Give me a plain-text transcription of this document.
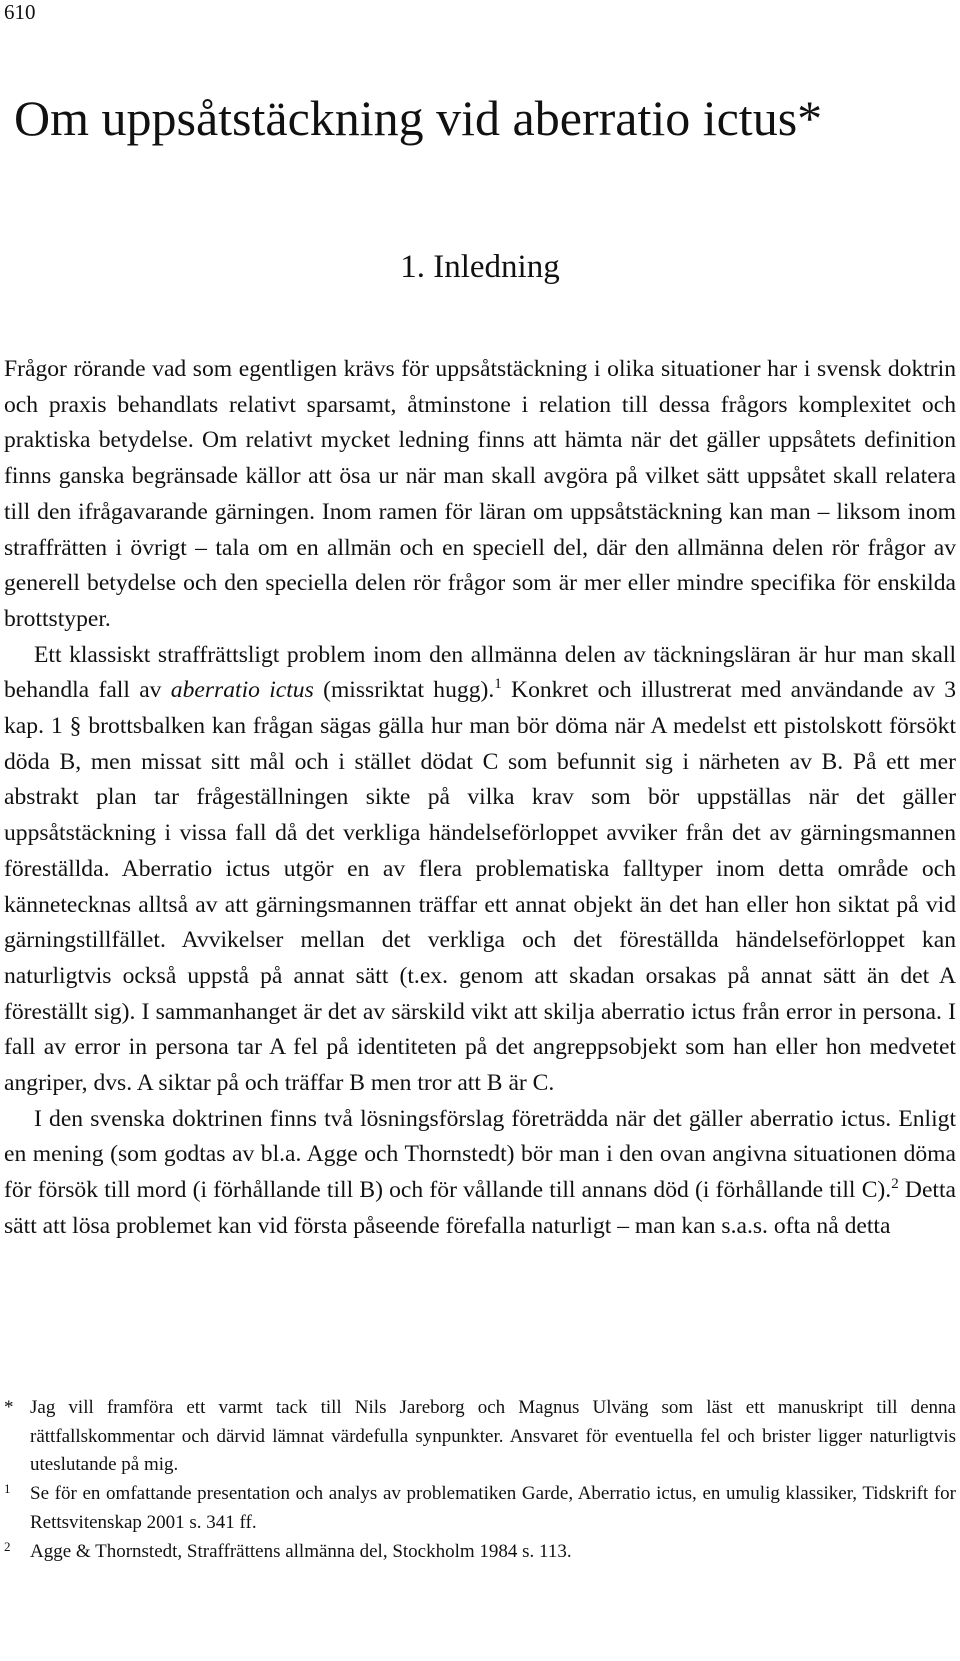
610
Om uppsåtstäckning vid aberratio ictus*
1. Inledning

Frågor rörande vad som egentligen krävs för uppsåtstäckning i olika situationer har i svensk doktrin och praxis behandlats relativt sparsamt, åtminstone i relation till dessa frågors komplexitet och praktiska betydelse. Om relativt mycket ledning finns att hämta när det gäller uppsåtets definition finns ganska begränsade källor att ösa ur när man skall avgöra på vilket sätt uppsåtet skall relatera till den ifrågavarande gärningen. Inom ramen för läran om uppsåtstäckning kan man – liksom inom straffrätten i övrigt – tala om en allmän och en speciell del, där den allmänna delen rör frågor av generell betydelse och den speciella delen rör frågor som är mer eller mindre specifika för enskilda brottstyper.

Ett klassiskt straffrättsligt problem inom den allmänna delen av täckningsläran är hur man skall behandla fall av aberratio ictus (missriktat hugg).$^1$ Konkret och illustrerat med användande av 3 kap. 1 § brottsbalken kan frågan sägas gälla hur man bör döma när A medelst ett pistolskott försökt döda B, men missat sitt mål och i stället dödat C som befunnit sig i närheten av B. På ett mer abstrakt plan tar frågeställningen sikte på vilka krav som bör uppställas när det gäller uppsåtstäckning i vissa fall då det verkliga händelseförloppet avviker från det av gärningsmannen föreställda. Aberratio ictus utgör en av flera problematiska falltyper inom detta område och kännetecknas alltså av att gärningsmannen träffar ett annat objekt än det han eller hon siktat på vid gärningstillfället. Avvikelser mellan det verkliga och det föreställda händelseförloppet kan naturligtvis också uppstå på annat sätt (t.ex. genom att skadan orsakas på annat sätt än det A föreställt sig). I sammanhanget är det av särskild vikt att skilja aberratio ictus från error in persona. I fall av error in persona tar A fel på identiteten på det angreppsobjekt som han eller hon medvetet angriper, dvs. A siktar på och träffar B men tror att B är C.

I den svenska doktrinen finns två lösningsförslag företrädda när det gäller aberratio ictus. Enligt en mening (som godtas av bl.a. Agge och Thornstedt) bör man i den ovan angivna situationen döma för försök till mord (i förhållande till B) och för vållande till annans död (i förhållande till C).$^2$ Detta sätt att lösa problemet kan vid första påseende förefalla naturligt – man kan s.a.s. ofta nå detta

* Jag vill framföra ett varmt tack till Nils Jareborg och Magnus Ulväng som läst ett manuskript till denna rättfallskommentar och därvid lämnat värdefulla synpunkter. Ansvaret för eventuella fel och brister ligger naturligtvis uteslutande på mig.
1 Se för en omfattande presentation och analys av problematiken Garde, Aberratio ictus, en umulig klassiker, Tidskrift for Rettsvitenskap 2001 s. 341 ff.
2 Agge & Thornstedt, Straffrättens allmänna del, Stockholm 1984 s. 113.
